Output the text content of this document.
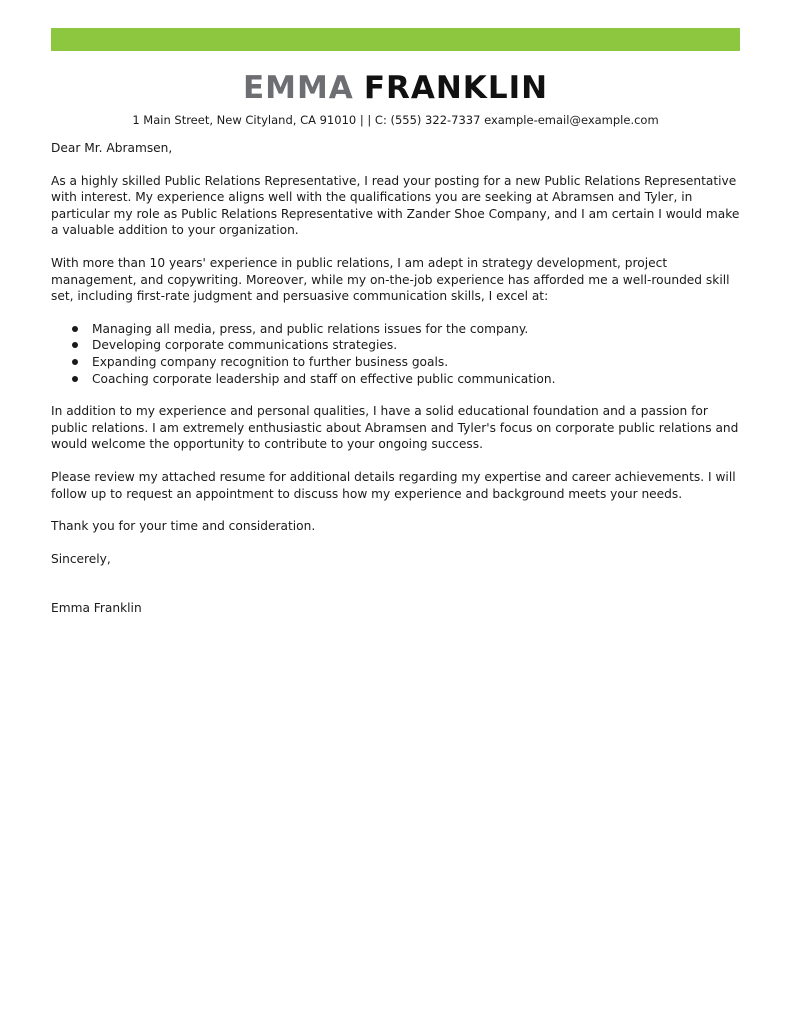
EMMA FRANKLIN
1 Main Street, New Cityland, CA 91010 | | C: (555) 322-7337 example-email@example.com

Dear Mr. Abramsen,

As a highly skilled Public Relations Representative, I read your posting for a new Public Relations Representative with interest. My experience aligns well with the qualifications you are seeking at Abramsen and Tyler, in particular my role as Public Relations Representative with Zander Shoe Company, and I am certain I would make a valuable addition to your organization.

With more than 10 years' experience in public relations, I am adept in strategy development, project management, and copywriting. Moreover, while my on-the-job experience has afforded me a well-rounded skill set, including first-rate judgment and persuasive communication skills, I excel at:

Managing all media, press, and public relations issues for the company.
Developing corporate communications strategies.
Expanding company recognition to further business goals.
Coaching corporate leadership and staff on effective public communication.

In addition to my experience and personal qualities, I have a solid educational foundation and a passion for public relations. I am extremely enthusiastic about Abramsen and Tyler's focus on corporate public relations and would welcome the opportunity to contribute to your ongoing success.

Please review my attached resume for additional details regarding my expertise and career achievements. I will follow up to request an appointment to discuss how my experience and background meets your needs.

Thank you for your time and consideration.

Sincerely,

Emma Franklin
